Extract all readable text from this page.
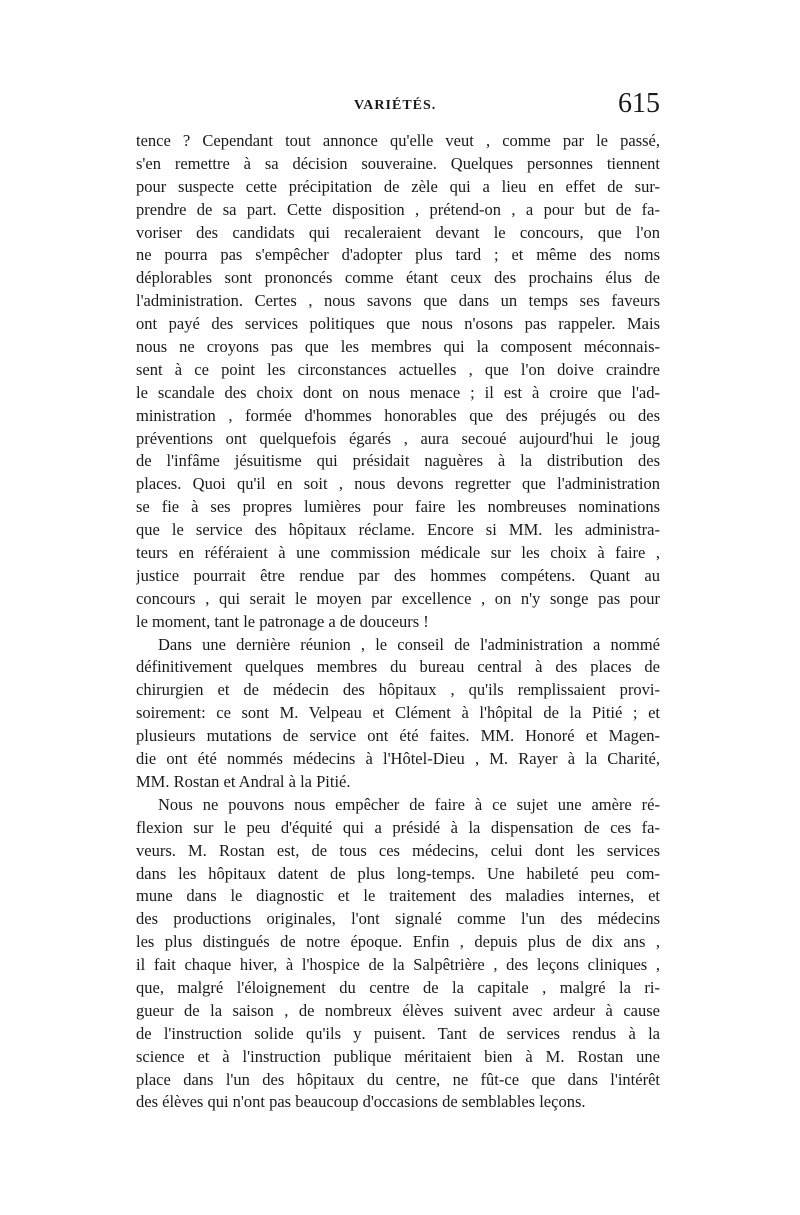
VARIÉTÉS.	615
tence ? Cependant tout annonce qu'elle veut , comme par le passé,
s'en remettre à sa décision souveraine. Quelques personnes tiennent
pour suspecte cette précipitation de zèle qui a lieu en effet de sur-
prendre de sa part. Cette disposition , prétend-on , a pour but de fa-
voriser des candidats qui recaleraient devant le concours, que l'on
ne pourra pas s'empêcher d'adopter plus tard ; et même des noms
déplorables sont prononcés comme étant ceux des prochains élus de
l'administration. Certes , nous savons que dans un temps ses faveurs
ont payé des services politiques que nous n'osons pas rappeler. Mais
nous ne croyons pas que les membres qui la composent méconnais-
sent à ce point les circonstances actuelles , que l'on doive craindre
le scandale des choix dont on nous menace ; il est à croire que l'ad-
ministration , formée d'hommes honorables que des préjugés ou des
préventions ont quelquefois égarés , aura secoué aujourd'hui le joug
de l'infâme jésuitisme qui présidait naguères à la distribution des
places. Quoi qu'il en soit , nous devons regretter que l'administration
se fie à ses propres lumières pour faire les nombreuses nominations
que le service des hôpitaux réclame. Encore si MM. les administra-
teurs en référaient à une commission médicale sur les choix à faire ,
justice pourrait être rendue par des hommes compétens. Quant au
concours , qui serait le moyen par excellence , on n'y songe pas pour
le moment, tant le patronage a de douceurs !
Dans une dernière réunion , le conseil de l'administration a nommé
définitivement quelques membres du bureau central à des places de
chirurgien et de médecin des hôpitaux , qu'ils remplissaient provi-
soirement: ce sont M. Velpeau et Clément à l'hôpital de la Pitié ; et
plusieurs mutations de service ont été faites. MM. Honoré et Magen-
die ont été nommés médecins à l'Hôtel-Dieu , M. Rayer à la Charité,
MM. Rostan et Andral à la Pitié.
Nous ne pouvons nous empêcher de faire à ce sujet une amère ré-
flexion sur le peu d'équité qui a présidé à la dispensation de ces fa-
veurs. M. Rostan est, de tous ces médecins, celui dont les services
dans les hôpitaux datent de plus long-temps. Une habileté peu com-
mune dans le diagnostic et le traitement des maladies internes, et
des productions originales, l'ont signalé comme l'un des médecins
les plus distingués de notre époque. Enfin , depuis plus de dix ans ,
il fait chaque hiver, à l'hospice de la Salpêtrière , des leçons cliniques ,
que, malgré l'éloignement du centre de la capitale , malgré la ri-
gueur de la saison , de nombreux élèves suivent avec ardeur à cause
de l'instruction solide qu'ils y puisent. Tant de services rendus à la
science et à l'instruction publique méritaient bien à M. Rostan une
place dans l'un des hôpitaux du centre, ne fût-ce que dans l'intérêt
des élèves qui n'ont pas beaucoup d'occasions de semblables leçons.
